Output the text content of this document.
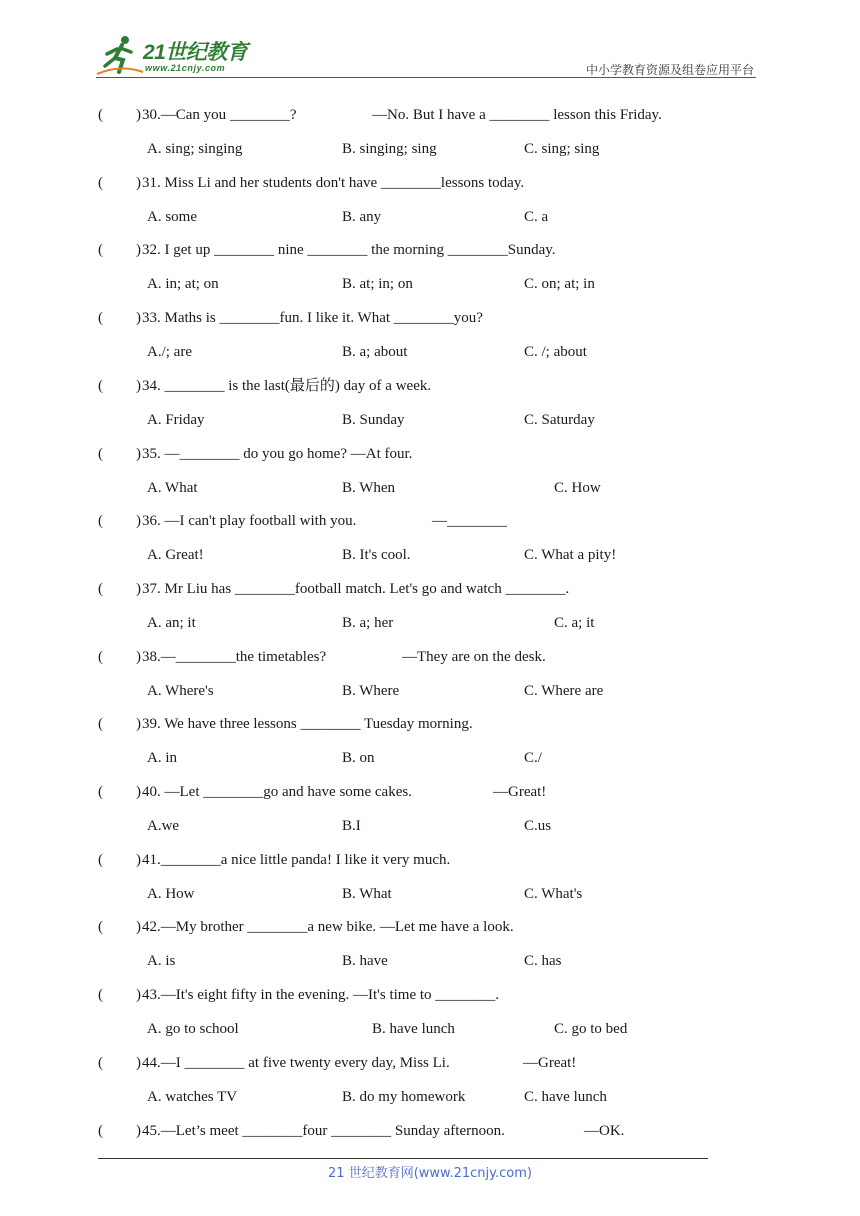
21世纪教育
www.21cnjy.com	中小学教育资源及组卷应用平台
( ) 30.—Can you ________?	—No. But I have a ________ lesson this Friday.
A. sing; singing	B. singing; sing	C. sing; sing
( ) 31. Miss Li and her students don't have ________lessons today.
A. some	B. any	C. a
( ) 32. I get up ________ nine ________ the morning ________Sunday.
A. in; at; on	B. at; in; on	C. on; at; in
( ) 33. Maths is ________fun. I like it. What ________you?
A./; are	B. a; about	C. /; about
( ) 34. ________ is the last(最后的) day of a week.
A. Friday	B. Sunday	C. Saturday
( ) 35. —________ do you go home? —At four.
A. What	B. When	C. How
( ) 36. —I can't play football with you.	—________
A. Great!	B. It's cool.	C. What a pity!
( ) 37. Mr Liu has ________football match. Let's go and watch ________.
A. an; it	B. a; her	C. a; it
( ) 38.—________the timetables?	—They are on the desk.
A. Where's	B. Where	C. Where are
( ) 39. We have three lessons ________ Tuesday morning.
A. in	B. on	C./
( ) 40. —Let ________go and have some cakes.	—Great!
A.we	B.I	C.us
( ) 41.________a nice little panda! I like it very much.
A. How	B. What	C. What's
( ) 42.—My brother ________a new bike. —Let me have a look.
A. is	B. have	C. has
( ) 43.—It's eight fifty in the evening. —It's time to ________.
A. go to school	B. have lunch	C. go to bed
( ) 44.—I ________ at five twenty every day, Miss Li.	—Great!
A. watches TV	B. do my homework	C. have lunch
( ) 45.—Let’s meet ________four ________ Sunday afternoon.	—OK.
21 世纪教育网(www.21cnjy.com)
